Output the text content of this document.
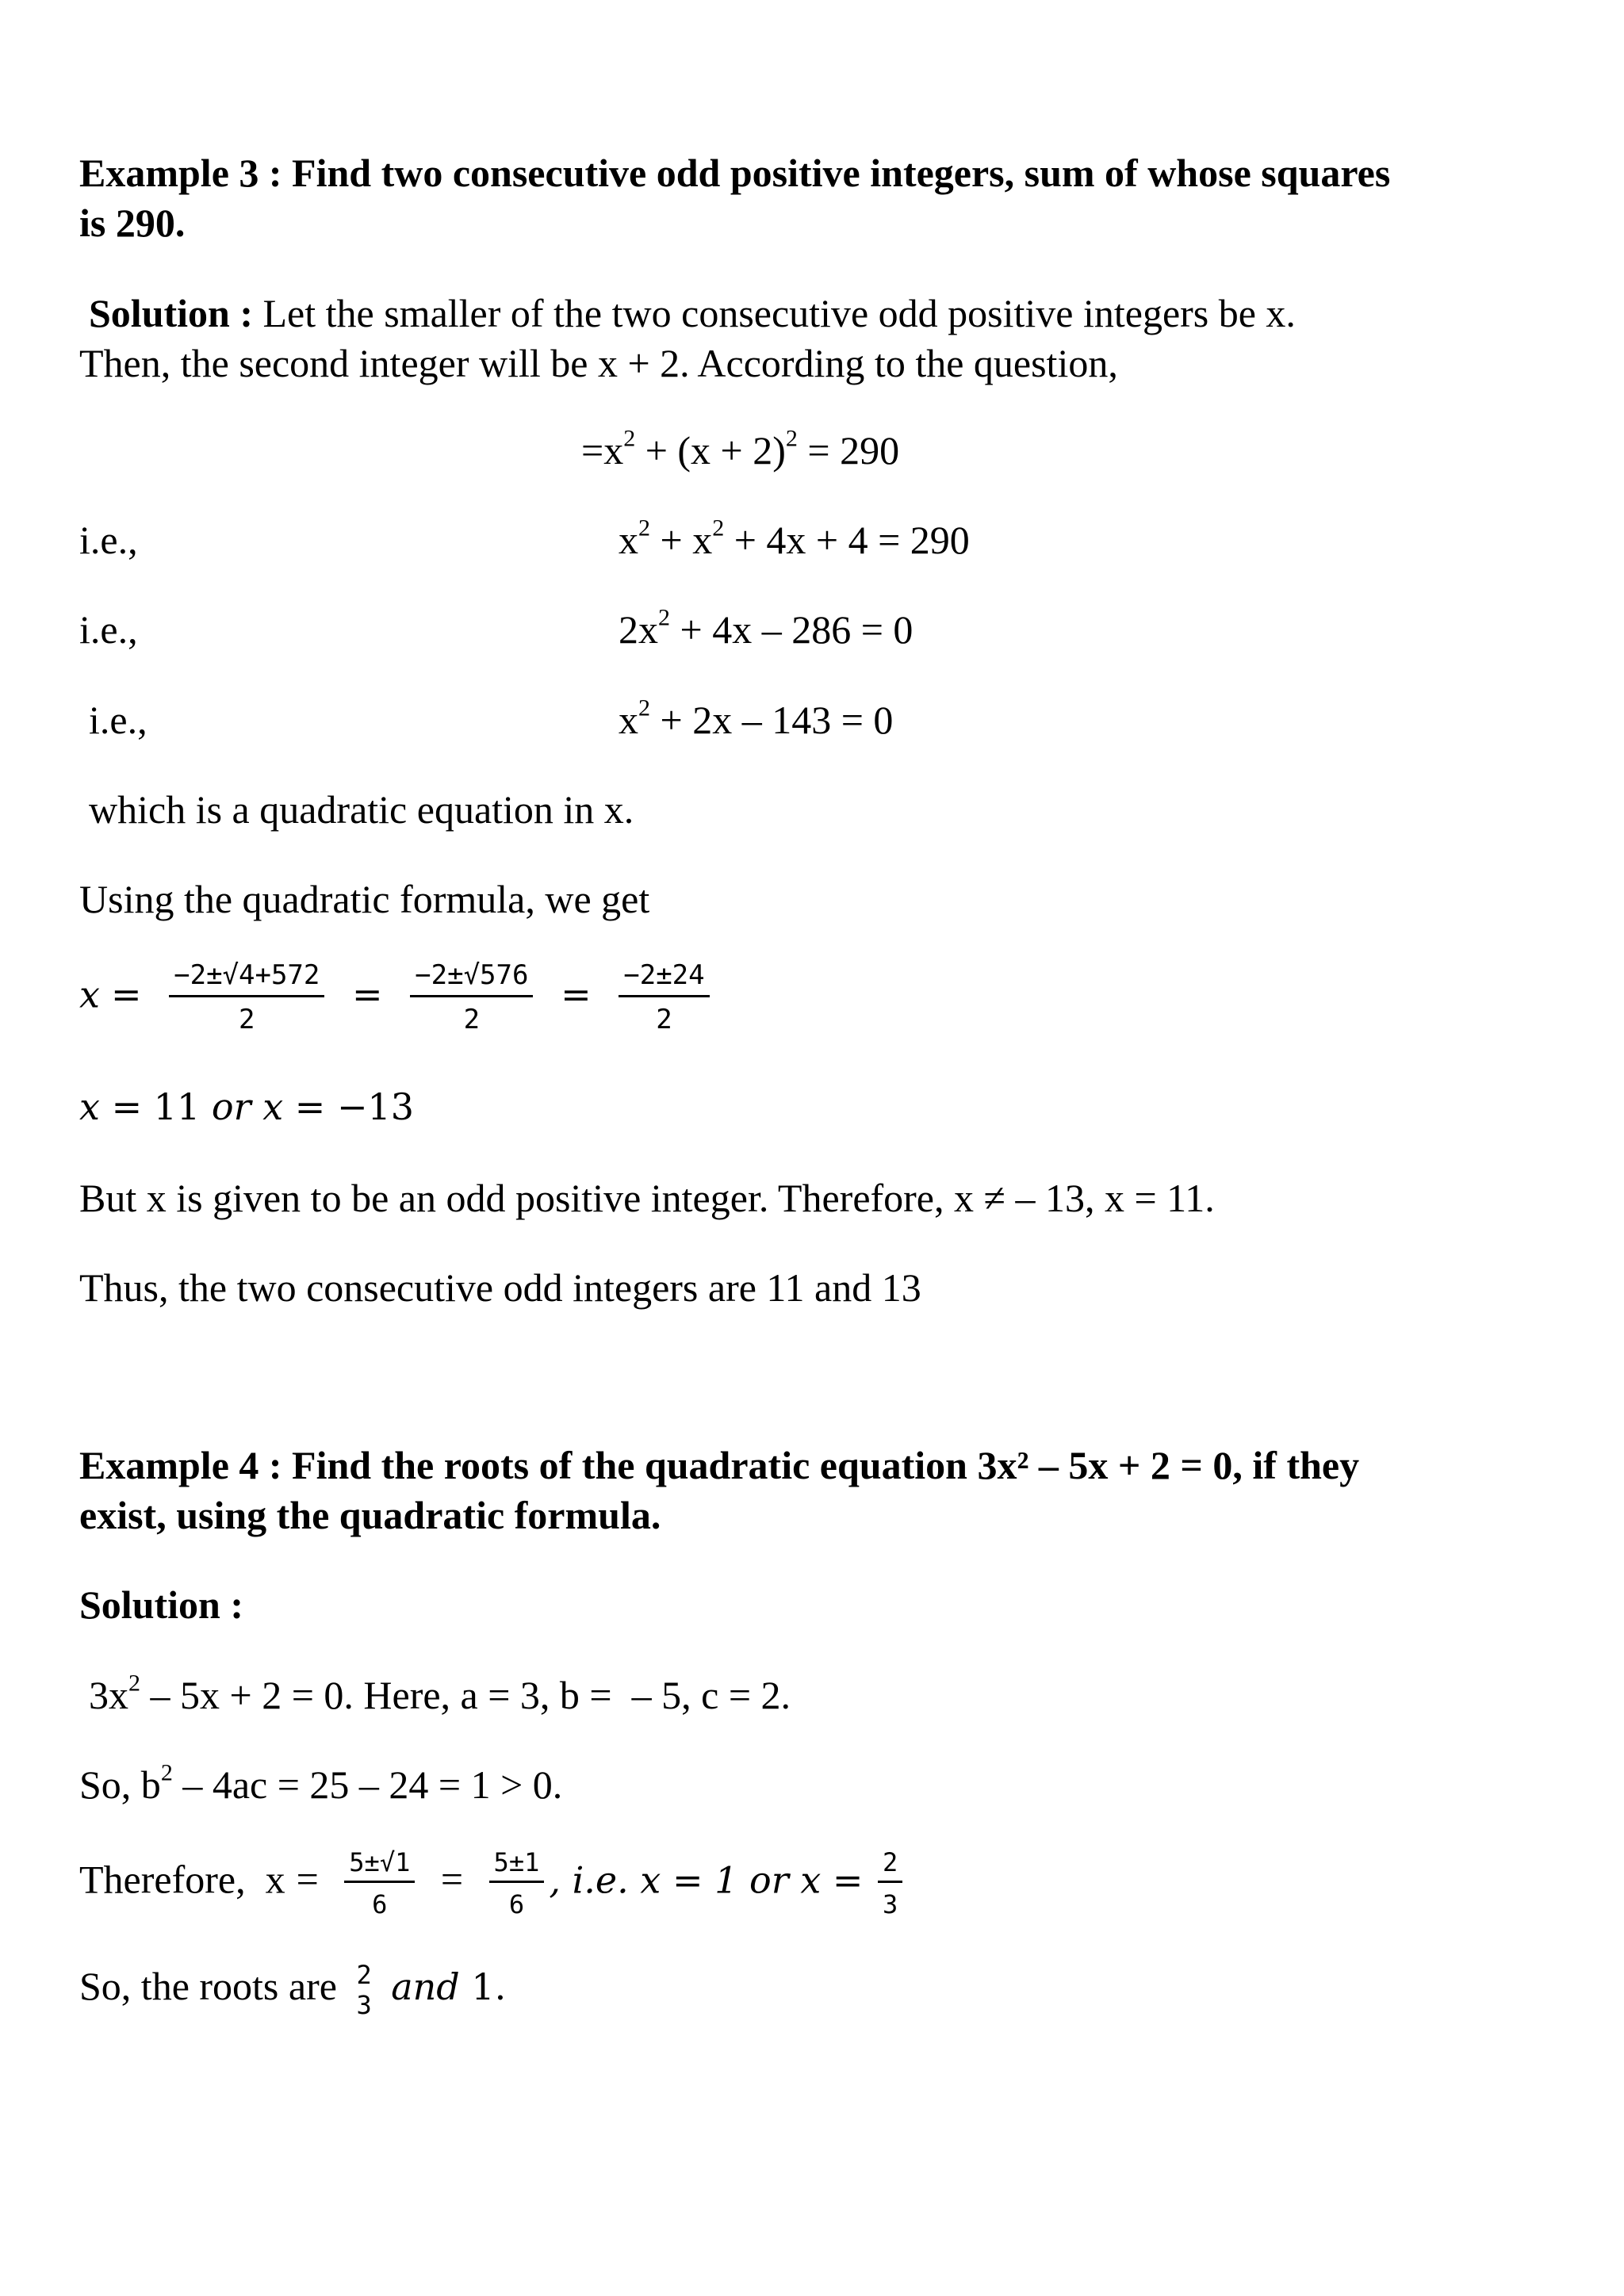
Example 3 : Find two consecutive odd positive integers, sum of whose squares
is 290.
Solution : Let the smaller of the two consecutive odd positive integers be x.
Then, the second integer will be x + 2. According to the question,
$=x^2 + (x + 2)^2 = 290$
i.e.,	$x^2 + x^2 + 4x + 4 = 290$
i.e.,	$2x^2 + 4x - 286 = 0$
i.e.,	$x^2 + 2x - 143 = 0$
which is a quadratic equation in x.
Using the quadratic formula, we get
$x = \frac{-2\pm√4+572}{2} = \frac{-2\pm√576}{2} = \frac{-2\pm 24}{2}$
x = 11 or x = −13
But x is given to be an odd positive integer. Therefore, x ≠ – 13, x = 11.
Thus, the two consecutive odd integers are 11 and 13
Example 4 : Find the roots of the quadratic equation 3x² – 5x + 2 = 0, if they
exist, using the quadratic formula.
Solution :
$3x^2 - 5x + 2 = 0$. Here, a = 3, b =  – 5, c = 2.
So, $b^2 - 4ac = 25 - 24 = 1 > 0$.
Therefore,  $x = \frac{5\pm√1}{6} = \frac{5\pm 1}{6}$ , i.e. x = 1 or $x = \frac{2}{3}$
So, the roots are 2
3 and 1.
